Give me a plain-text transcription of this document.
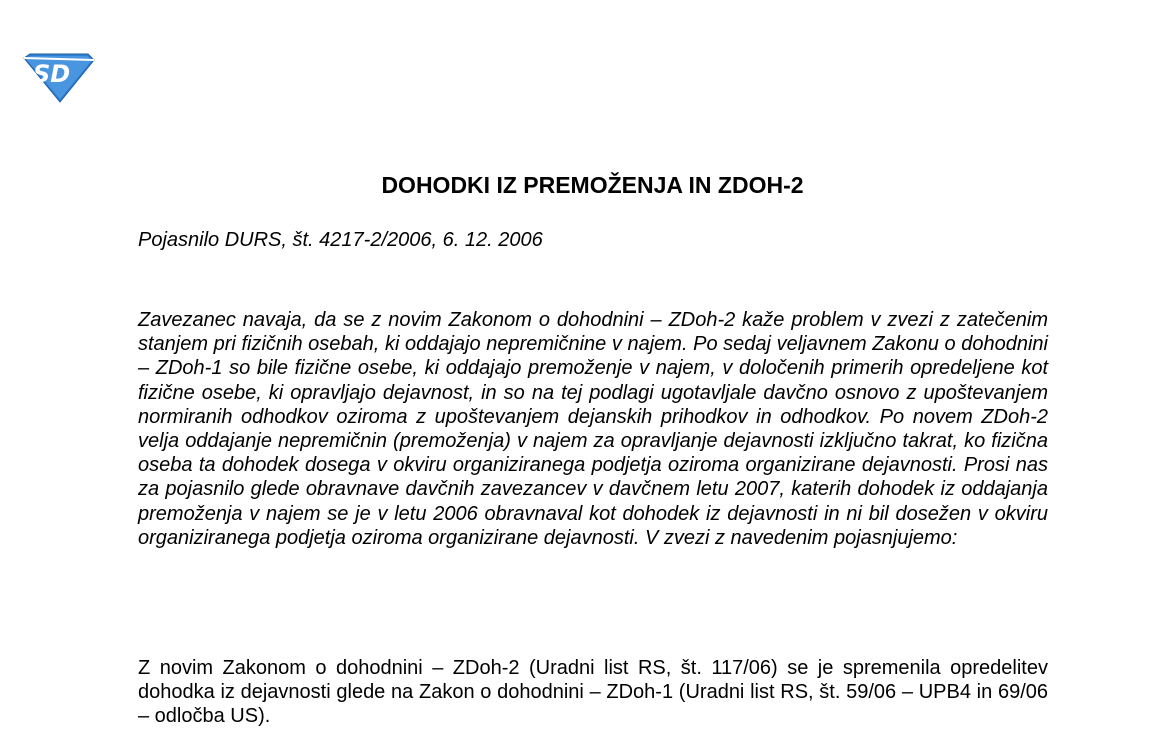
SD
DOHODKI IZ PREMOŽENJA IN ZDOH-2
Pojasnilo DURS, št. 4217-2/2006, 6. 12. 2006
Zavezanec navaja, da se z novim Zakonom o dohodnini – ZDoh-2 kaže problem v zvezi z zatečenim stanjem pri fizičnih osebah, ki oddajajo nepremičnine v najem. Po sedaj veljavnem Zakonu o dohodnini – ZDoh-1 so bile fizične osebe, ki oddajajo premoženje v najem, v določenih primerih opredeljene kot fizične osebe, ki opravljajo dejavnost, in so na tej podlagi ugotavljale davčno osnovo z upoštevanjem normiranih odhodkov oziroma z upoštevanjem dejanskih prihodkov in odhodkov. Po novem ZDoh-2 velja oddajanje nepremičnin (premoženja) v najem za opravljanje dejavnosti izključno takrat, ko fizična oseba ta dohodek dosega v okviru organiziranega podjetja oziroma organizirane dejavnosti. Prosi nas za pojasnilo glede obravnave davčnih zavezancev v davčnem letu 2007, katerih dohodek iz oddajanja premoženja v najem se je v letu 2006 obravnaval kot dohodek iz dejavnosti in ni bil dosežen v okviru organiziranega podjetja oziroma organizirane dejavnosti. V zvezi z navedenim pojasnjujemo:
Z novim Zakonom o dohodnini – ZDoh-2 (Uradni list RS, št. 117/06) se je spremenila opredelitev dohodka iz dejavnosti glede na Zakon o dohodnini – ZDoh-1 (Uradni list RS, št. 59/06 – UPB4 in 69/06 – odločba US).
